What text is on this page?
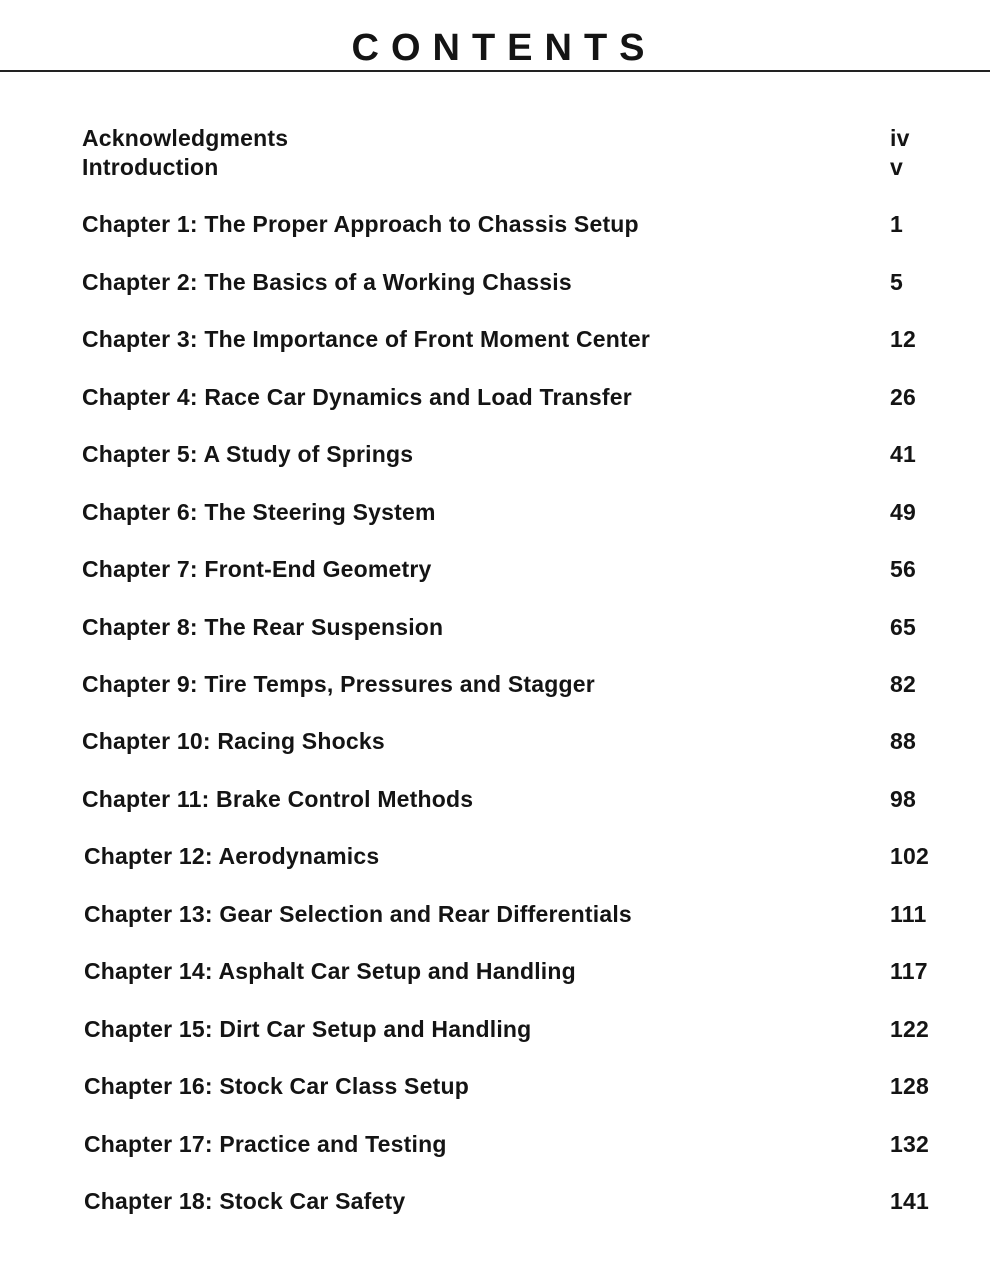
CONTENTS
Acknowledgments	iv
Introduction	v
Chapter 1: The Proper Approach to Chassis Setup	1
Chapter 2: The Basics of a Working Chassis	5
Chapter 3: The Importance of Front Moment Center	12
Chapter 4: Race Car Dynamics and Load Transfer	26
Chapter 5: A Study of Springs	41
Chapter 6: The Steering System	49
Chapter 7: Front-End Geometry	56
Chapter 8: The Rear Suspension	65
Chapter 9: Tire Temps, Pressures and Stagger	82
Chapter 10: Racing Shocks	88
Chapter 11: Brake Control Methods	98
Chapter 12: Aerodynamics	102
Chapter 13: Gear Selection and Rear Differentials	111
Chapter 14: Asphalt Car Setup and Handling	117
Chapter 15: Dirt Car Setup and Handling	122
Chapter 16: Stock Car Class Setup	128
Chapter 17: Practice and Testing	132
Chapter 18: Stock Car Safety	141
